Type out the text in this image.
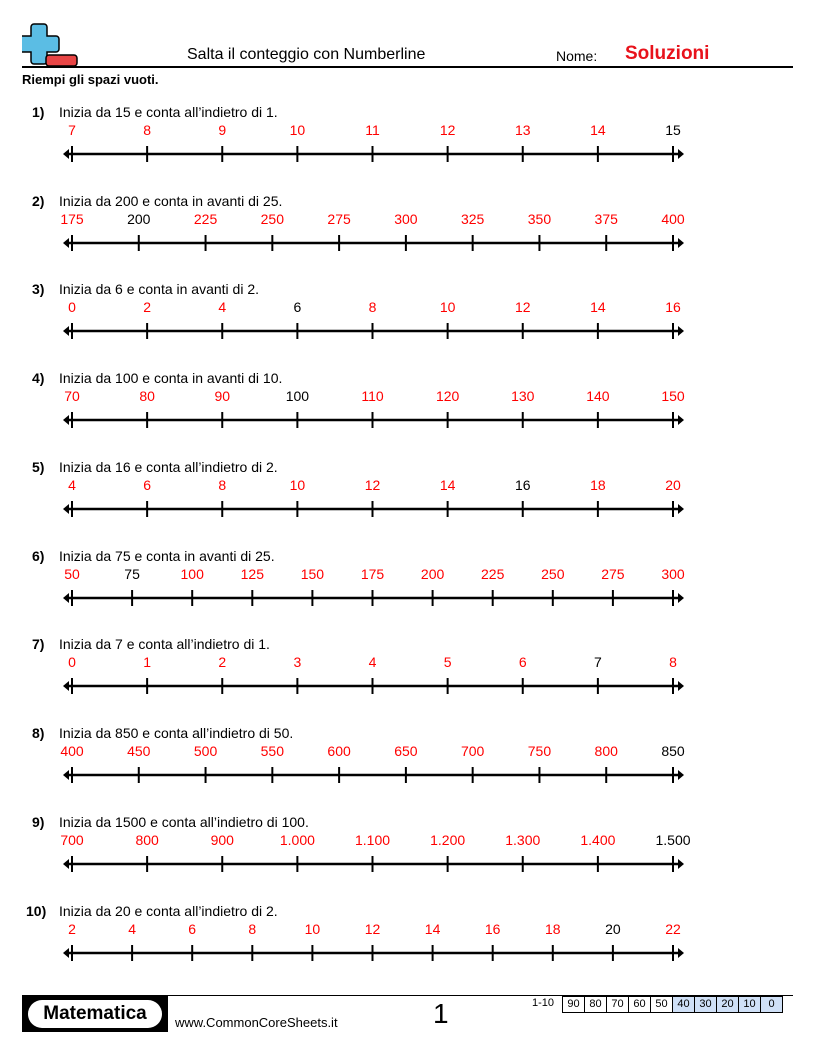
Salta il conteggio con Numberline	Nome: Soluzioni
Riempi gli spazi vuoti.
1) Inizia da 15 e conta all’indietro di 1.
7	8	9	10	11	12	13	14	15
2) Inizia da 200 e conta in avanti di 25.
175	200	225	250	275	300	325	350	375	400
3) Inizia da 6 e conta in avanti di 2.
0	2	4	6	8	10	12	14	16
4) Inizia da 100 e conta in avanti di 10.
70	80	90	100	110	120	130	140	150
5) Inizia da 16 e conta all’indietro di 2.
4	6	8	10	12	14	16	18	20
6) Inizia da 75 e conta in avanti di 25.
50	75	100	125	150	175	200	225	250	275	300
7) Inizia da 7 e conta all’indietro di 1.
0	1	2	3	4	5	6	7	8
8) Inizia da 850 e conta all’indietro di 50.
400	450	500	550	600	650	700	750	800	850
9) Inizia da 1500 e conta all’indietro di 100.
700	800	900	1.000	1.100	1.200	1.300	1.400	1.500
10) Inizia da 20 e conta all’indietro di 2.
2	4	6	8	10	12	14	16	18	20	22
Matematica	www.CommonCoreSheets.it	1	1-10	90 80 70 60 50 40 30 20 10	0
